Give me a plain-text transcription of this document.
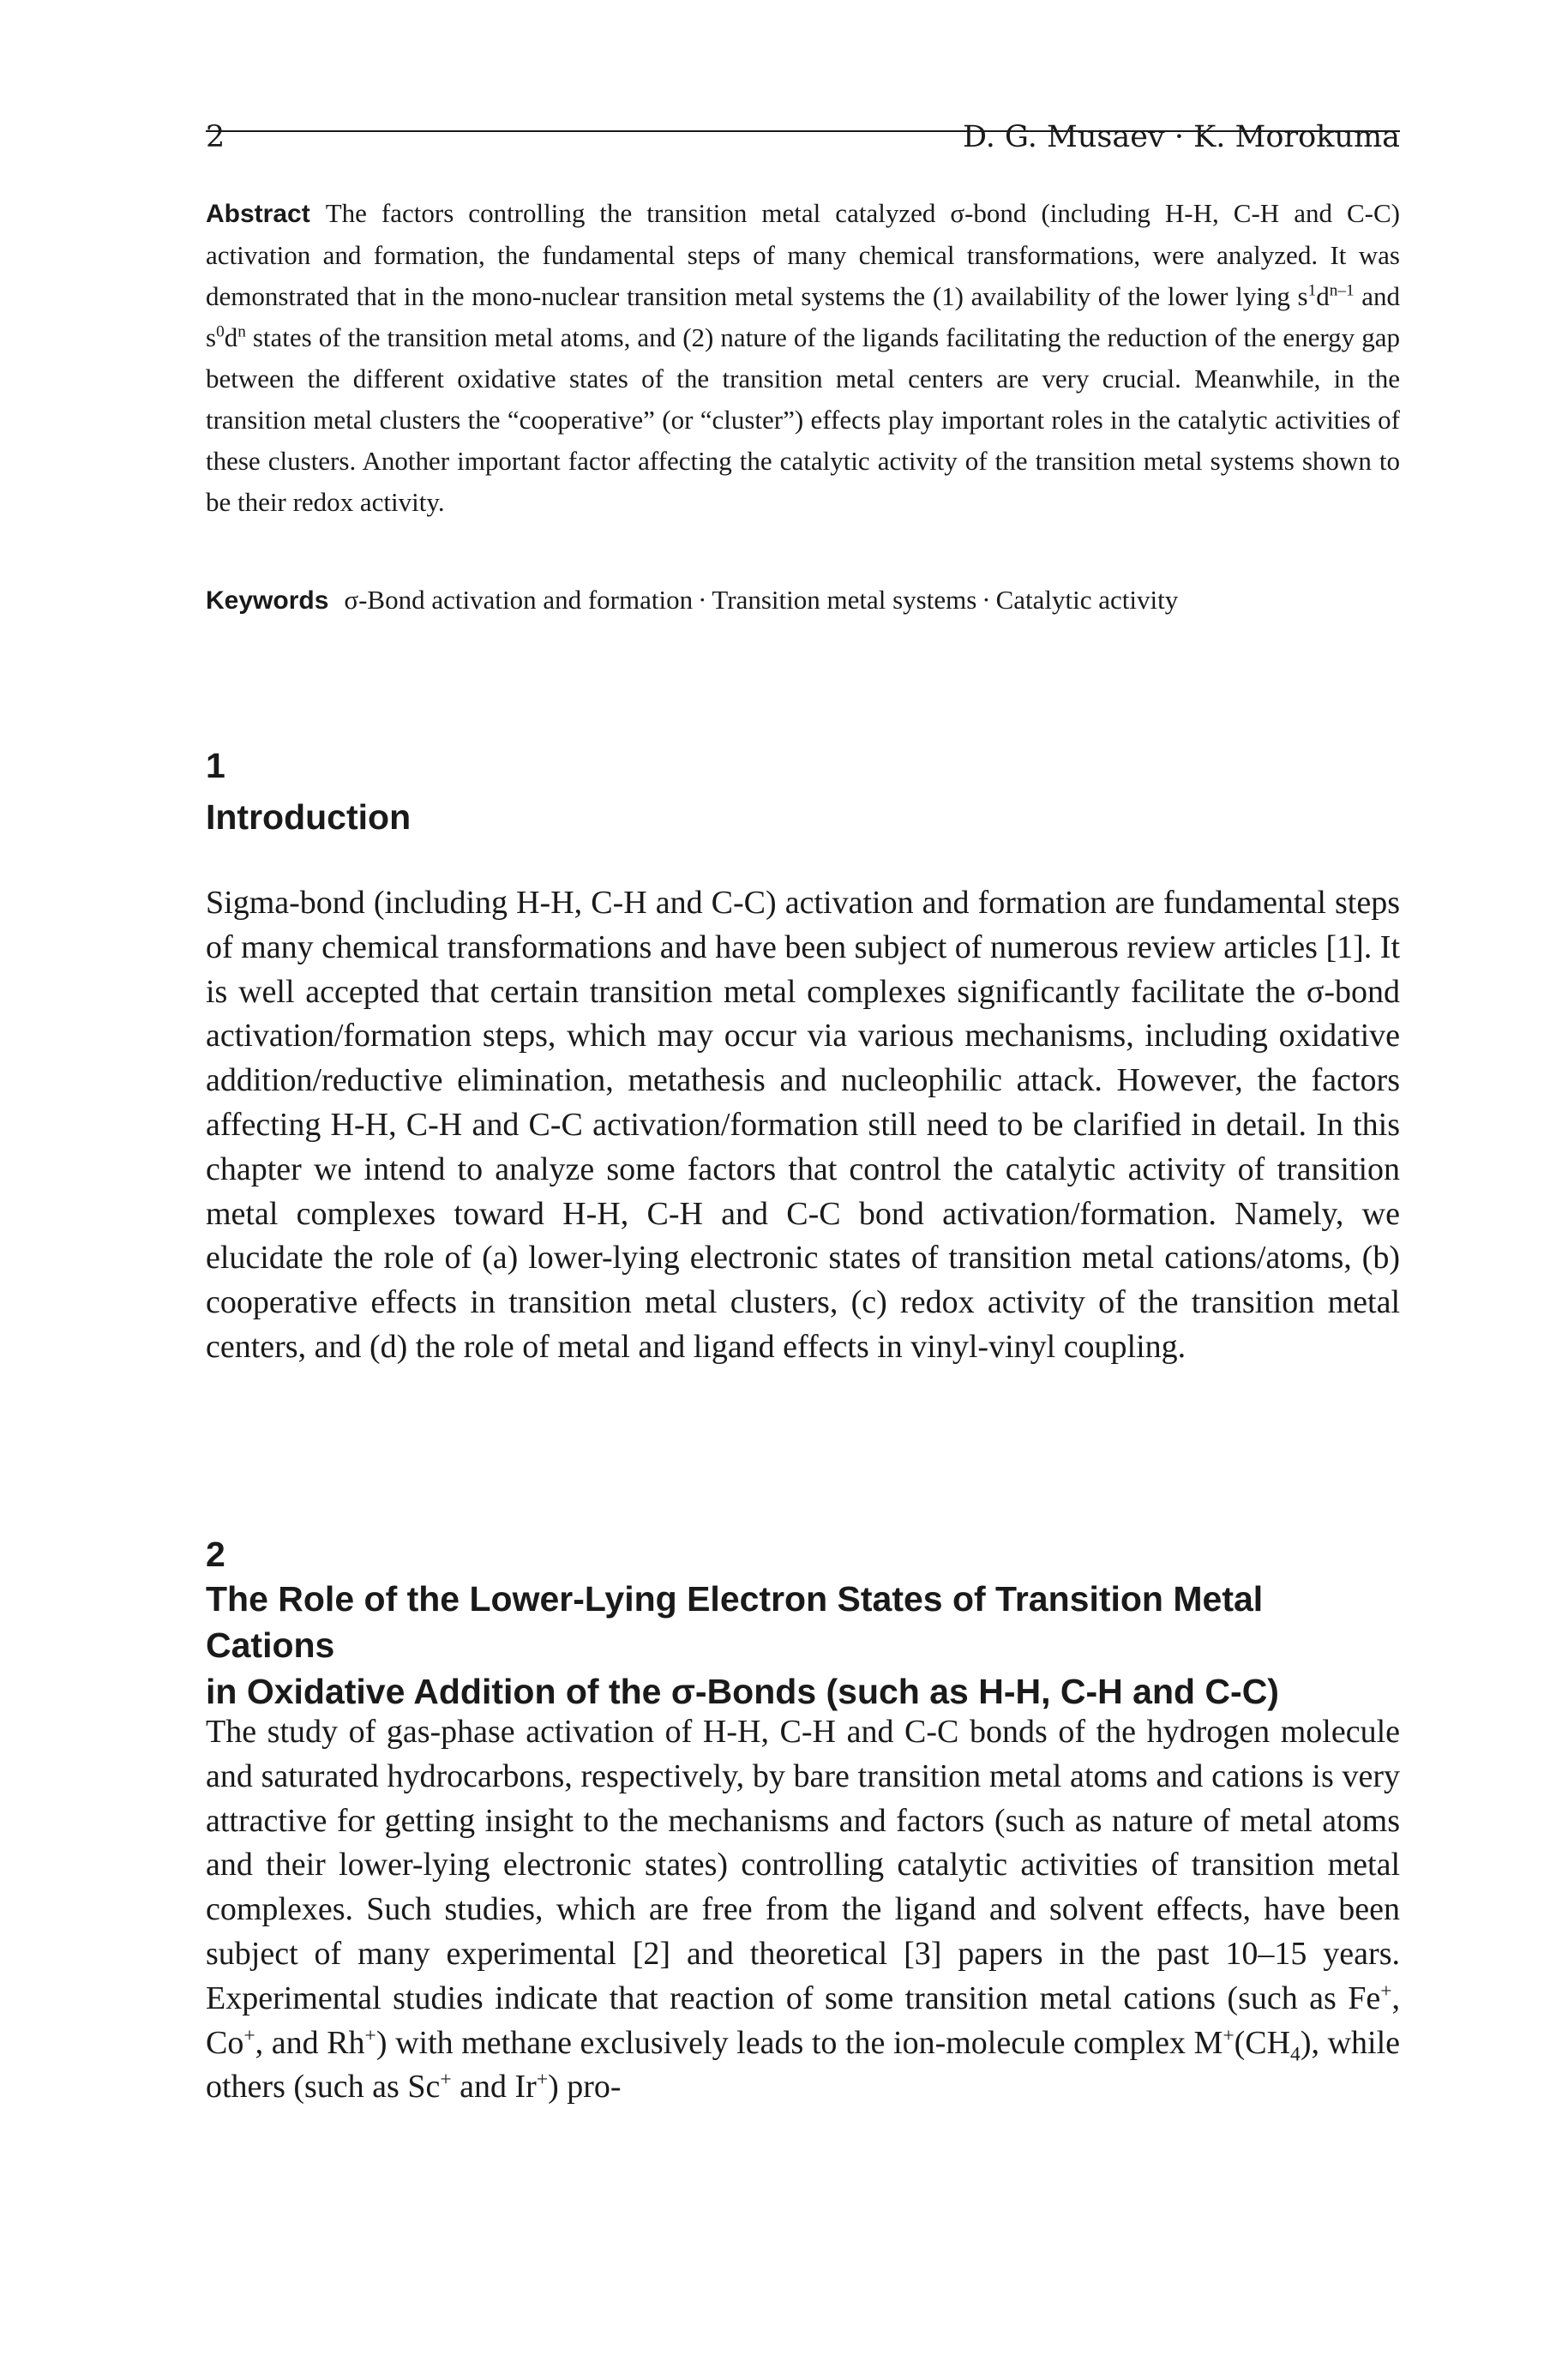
2	D. G. Musaev · K. Morokuma
Abstract The factors controlling the transition metal catalyzed σ-bond (including H-H, C-H and C-C) activation and formation, the fundamental steps of many chemical transformations, were analyzed. It was demonstrated that in the mono-nuclear transition metal systems the (1) availability of the lower lying $s^1d^{n-1}$ and $s^0d^n$ states of the transition metal atoms, and (2) nature of the ligands facilitating the reduction of the energy gap between the different oxidative states of the transition metal centers are very crucial. Meanwhile, in the transition metal clusters the “cooperative” (or “cluster”) effects play important roles in the catalytic activities of these clusters. Another important factor affecting the catalytic activity of the transition metal systems shown to be their redox activity.
Keywords σ-Bond activation and formation · Transition metal systems · Catalytic activity
1
Introduction
Sigma-bond (including H-H, C-H and C-C) activation and formation are fundamental steps of many chemical transformations and have been subject of numerous review articles [1]. It is well accepted that certain transition metal complexes significantly facilitate the σ-bond activation/formation steps, which may occur via various mechanisms, including oxidative addition/reductive elimination, metathesis and nucleophilic attack. However, the factors affecting H-H, C-H and C-C activation/formation still need to be clarified in detail. In this chapter we intend to analyze some factors that control the catalytic activity of transition metal complexes toward H-H, C-H and C-C bond activation/formation. Namely, we elucidate the role of (a) lower-lying electronic states of transition metal cations/atoms, (b) cooperative effects in transition metal clusters, (c) redox activity of the transition metal centers, and (d) the role of metal and ligand effects in vinyl-vinyl coupling.
2
The Role of the Lower-Lying Electron States of Transition Metal Cations
in Oxidative Addition of the σ-Bonds (such as H-H, C-H and C-C)
The study of gas-phase activation of H-H, C-H and C-C bonds of the hydrogen molecule and saturated hydrocarbons, respectively, by bare transition metal atoms and cations is very attractive for getting insight to the mechanisms and factors (such as nature of metal atoms and their lower-lying electronic states) controlling catalytic activities of transition metal complexes. Such studies, which are free from the ligand and solvent effects, have been subject of many experimental [2] and theoretical [3] papers in the past 10–15 years. Experimental studies indicate that reaction of some transition metal cations (such as Fe+, Co+, and Rh+) with methane exclusively leads to the ion-molecule complex $M^+(CH_4)$, while others (such as Sc+ and Ir+) pro-
